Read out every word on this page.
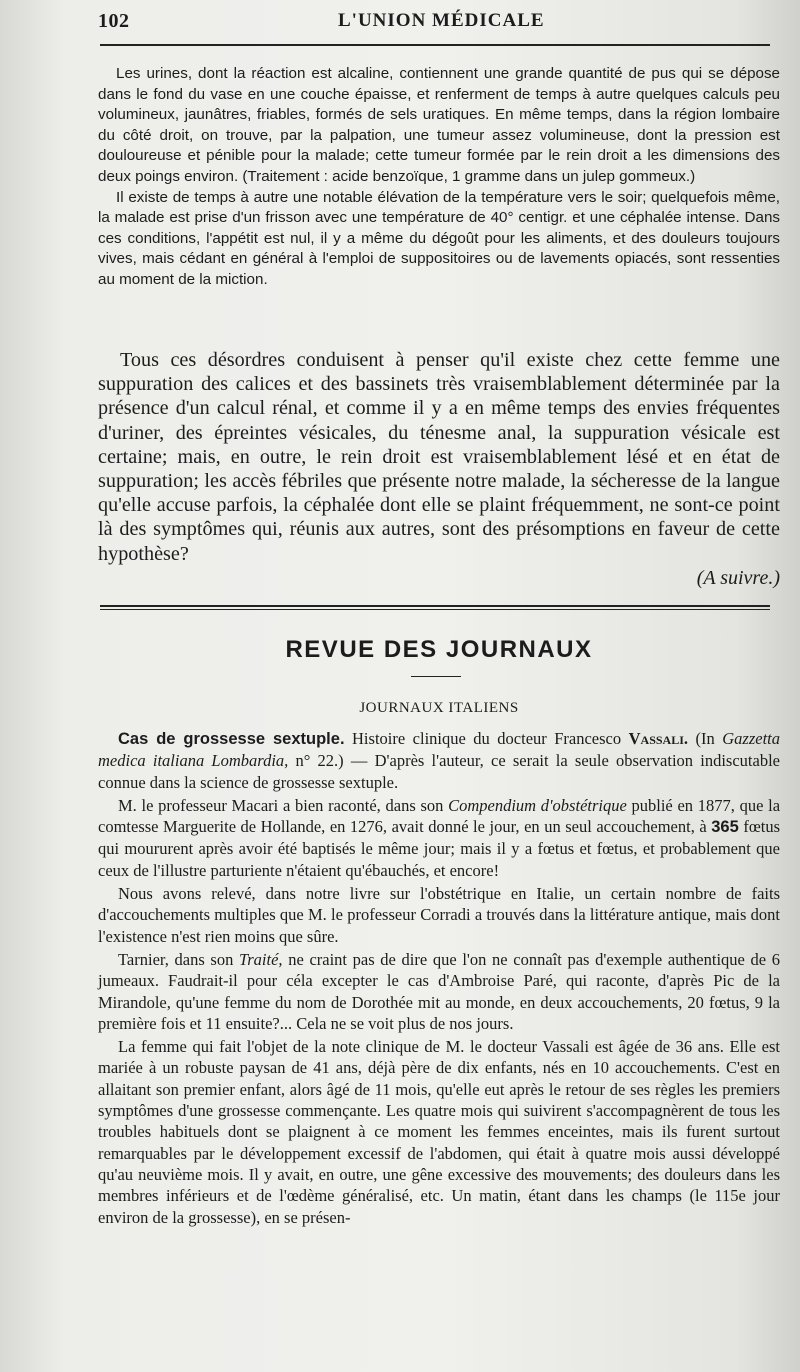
102	L'UNION MÉDICALE

Les urines, dont la réaction est alcaline, contiennent une grande quantité de pus qui se dépose dans le fond du vase en une couche épaisse, et renferment de temps à autre quelques calculs peu volumineux, jaunâtres, friables, formés de sels uratiques. En même temps, dans la région lombaire du côté droit, on trouve, par la palpation, une tumeur assez volumineuse, dont la pression est douloureuse et pénible pour la malade; cette tumeur formée par le rein droit a les dimensions des deux poings environ. (Traitement : acide benzoïque, 1 gramme dans un julep gommeux.)

Il existe de temps à autre une notable élévation de la température vers le soir; quelquefois même, la malade est prise d'un frisson avec une température de 40° centigr. et une céphalée intense. Dans ces conditions, l'appétit est nul, il y a même du dégoût pour les aliments, et des douleurs toujours vives, mais cédant en général à l'emploi de suppositoires ou de lavements opiacés, sont ressenties au moment de la miction.

Tous ces désordres conduisent à penser qu'il existe chez cette femme une suppuration des calices et des bassinets très vraisemblablement déterminée par la présence d'un calcul rénal, et comme il y a en même temps des envies fréquentes d'uriner, des épreintes vésicales, du ténesme anal, la suppuration vésicale est certaine; mais, en outre, le rein droit est vraisemblablement lésé et en état de suppuration; les accès fébriles que présente notre malade, la sécheresse de la langue qu'elle accuse parfois, la céphalée dont elle se plaint fréquemment, ne sont-ce point là des symptômes qui, réunis aux autres, sont des présomptions en faveur de cette hypothèse?

(A suivre.)
REVUE DES JOURNAUX
JOURNAUX ITALIENS

Cas de grossesse sextuple. Histoire clinique du docteur Francesco Vassali. (In Gazzetta medica italiana Lombardia, n° 22.) — D'après l'auteur, ce serait la seule observation indiscutable connue dans la science de grossesse sextuple.

M. le professeur Macari a bien raconté, dans son Compendium d'obstétrique publié en 1877, que la comtesse Marguerite de Hollande, en 1276, avait donné le jour, en un seul accouchement, à 365 fœtus qui moururent après avoir été baptisés le même jour; mais il y a fœtus et fœtus, et probablement que ceux de l'illustre parturiente n'étaient qu'ébauchés, et encore!

Nous avons relevé, dans notre livre sur l'obstétrique en Italie, un certain nombre de faits d'accouchements multiples que M. le professeur Corradi a trouvés dans la littérature antique, mais dont l'existence n'est rien moins que sûre.

Tarnier, dans son Traité, ne craint pas de dire que l'on ne connaît pas d'exemple authentique de 6 jumeaux. Faudrait-il pour céla excepter le cas d'Ambroise Paré, qui raconte, d'après Pic de la Mirandole, qu'une femme du nom de Dorothée mit au monde, en deux accouchements, 20 fœtus, 9 la première fois et 11 ensuite?... Cela ne se voit plus de nos jours.

La femme qui fait l'objet de la note clinique de M. le docteur Vassali est âgée de 36 ans. Elle est mariée à un robuste paysan de 41 ans, déjà père de dix enfants, nés en 10 accouchements. C'est en allaitant son premier enfant, alors âgé de 11 mois, qu'elle eut après le retour de ses règles les premiers symptômes d'une grossesse commençante. Les quatre mois qui suivirent s'accompagnèrent de tous les troubles habituels dont se plaignent à ce moment les femmes enceintes, mais ils furent surtout remarquables par le développement excessif de l'abdomen, qui était à quatre mois aussi développé qu'au neuvième mois. Il y avait, en outre, une gêne excessive des mouvements; des douleurs dans les membres inférieurs et de l'œdème généralisé, etc. Un matin, étant dans les champs (le 115e jour environ de la grossesse), en se présen-
